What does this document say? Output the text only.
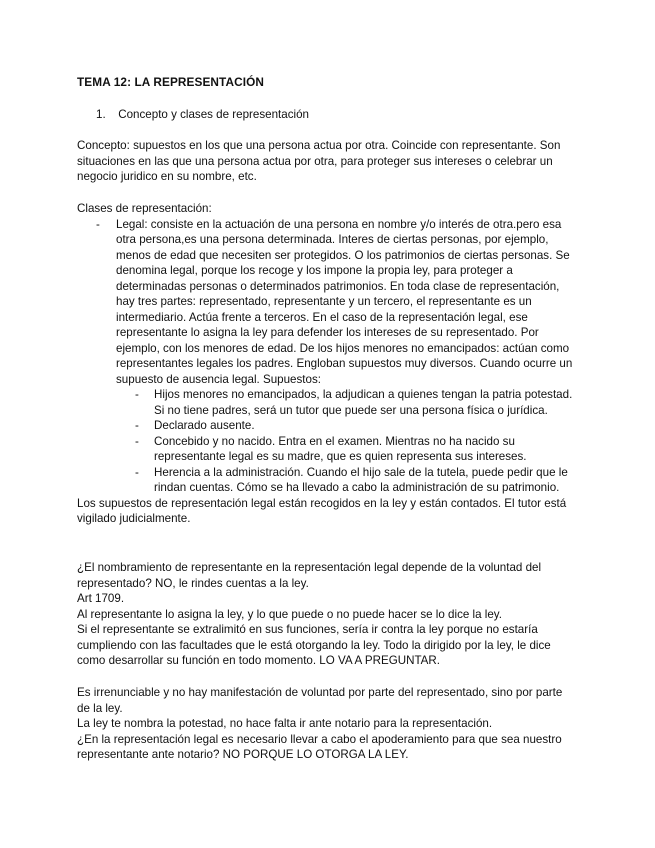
TEMA 12: LA REPRESENTACIÓN
1. Concepto y clases de representación

Concepto: supuestos en los que una persona actua por otra. Coincide con representante. Son situaciones en las que una persona actua por otra, para proteger sus intereses o celebrar un negocio juridico en su nombre, etc.

Clases de representación:

- Legal: consiste en la actuación de una persona en nombre y/o interés de otra.pero esa otra persona,es una persona determinada. Interes de ciertas personas, por ejemplo, menos de edad que necesiten ser protegidos. O los patrimonios de ciertas personas. Se denomina legal, porque los recoge y los impone la propia ley, para proteger a determinadas personas o determinados patrimonios. En toda clase de representación, hay tres partes: representado, representante y un tercero, el representante es un intermediario. Actúa frente a terceros. En el caso de la representación legal, ese representante lo asigna la ley para defender los intereses de su representado. Por ejemplo, con los menores de edad. De los hijos menores no emancipados: actúan como representantes legales los padres. Engloban supuestos muy diversos. Cuando ocurre un supuesto de ausencia legal. Supuestos:

- Hijos menores no emancipados, la adjudican a quienes tengan la patria potestad. Si no tiene padres, será un tutor que puede ser una persona física o jurídica.

- Declarado ausente.

- Concebido y no nacido. Entra en el examen. Mientras no ha nacido su representante legal es su madre, que es quien representa sus intereses.

- Herencia a la administración. Cuando el hijo sale de la tutela, puede pedir que le rindan cuentas. Cómo se ha llevado a cabo la administración de su patrimonio.

Los supuestos de representación legal están recogidos en la ley y están contados. El tutor está vigilado judicialmente.

¿El nombramiento de representante en la representación legal depende de la voluntad del representado? NO, le rindes cuentas a la ley.

Art 1709.

Al representante lo asigna la ley, y lo que puede o no puede hacer se lo dice la ley.

Si el representante se extralimitó en sus funciones, sería ir contra la ley porque no estaría cumpliendo con las facultades que le está otorgando la ley. Todo la dirigido por la ley, le dice como desarrollar su función en todo momento. LO VA A PREGUNTAR.

Es irrenunciable y no hay manifestación de voluntad por parte del representado, sino por parte de la ley.

La ley te nombra la potestad, no hace falta ir ante notario para la representación.

¿En la representación legal es necesario llevar a cabo el apoderamiento para que sea nuestro representante ante notario? NO PORQUE LO OTORGA LA LEY.
